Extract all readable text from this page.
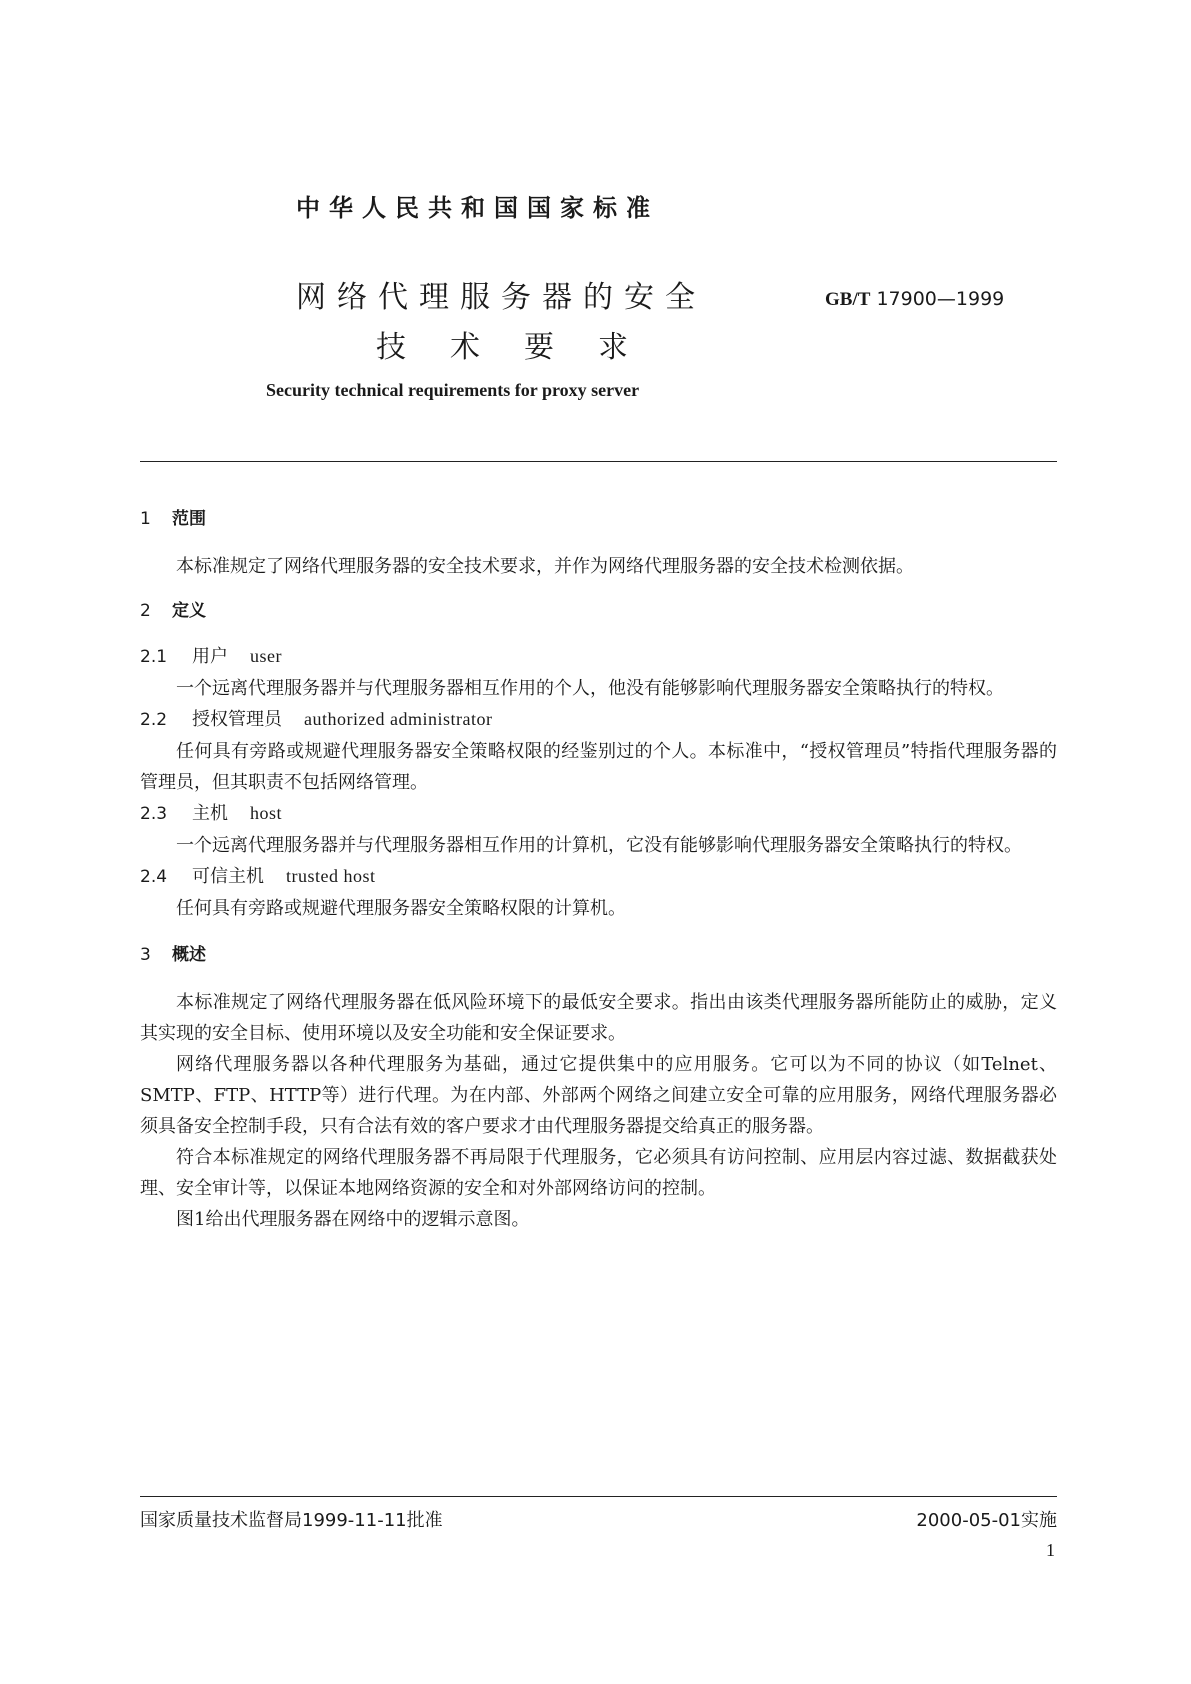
中华人民共和国国家标准
网络代理服务器的安全
技术要求
GB/T 17900—1999
Security technical requirements for proxy server

1 范围

本标准规定了网络代理服务器的安全技术要求，并作为网络代理服务器的安全技术检测依据。

2 定义

2.1 用户 user

一个远离代理服务器并与代理服务器相互作用的个人，他没有能够影响代理服务器安全策略执行的特权。

2.2 授权管理员 authorized administrator

任何具有旁路或规避代理服务器安全策略权限的经鉴别过的个人。本标准中，“授权管理员”特指代理服务器的管理员，但其职责不包括网络管理。

2.3 主机 host

一个远离代理服务器并与代理服务器相互作用的计算机，它没有能够影响代理服务器安全策略执行的特权。

2.4 可信主机 trusted host

任何具有旁路或规避代理服务器安全策略权限的计算机。

3 概述

本标准规定了网络代理服务器在低风险环境下的最低安全要求。指出由该类代理服务器所能防止的威胁，定义其实现的安全目标、使用环境以及安全功能和安全保证要求。

网络代理服务器以各种代理服务为基础，通过它提供集中的应用服务。它可以为不同的协议（如Telnet、SMTP、FTP、HTTP等）进行代理。为在内部、外部两个网络之间建立安全可靠的应用服务，网络代理服务器必须具备安全控制手段，只有合法有效的客户要求才由代理服务器提交给真正的服务器。

符合本标准规定的网络代理服务器不再局限于代理服务，它必须具有访问控制、应用层内容过滤、数据截获处理、安全审计等，以保证本地网络资源的安全和对外部网络访问的控制。

图1给出代理服务器在网络中的逻辑示意图。

国家质量技术监督局1999-11-11批准	2000-05-01实施
1
